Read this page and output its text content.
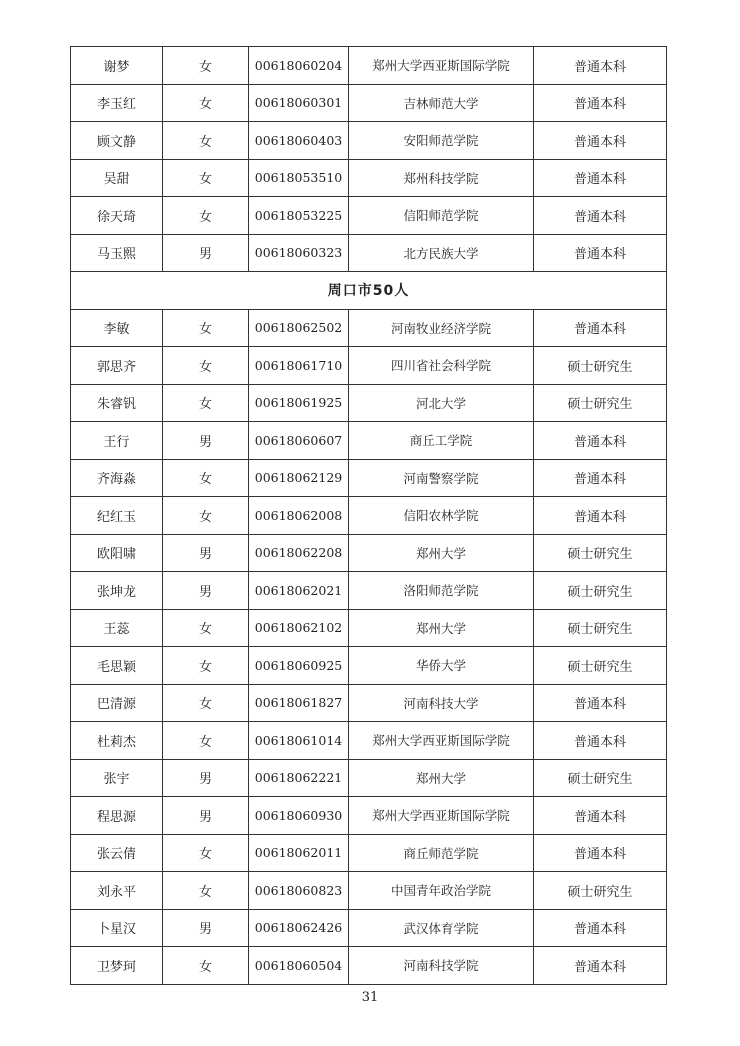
谢梦	女	00618060204	郑州大学西亚斯国际学院	普通本科
李玉红	女	00618060301	吉林师范大学	普通本科
顾文静	女	00618060403	安阳师范学院	普通本科
吴甜	女	00618053510	郑州科技学院	普通本科
徐天琦	女	00618053225	信阳师范学院	普通本科
马玉熙	男	00618060323	北方民族大学	普通本科
周口市50人				
李敏	女	00618062502	河南牧业经济学院	普通本科
郭思齐	女	00618061710	四川省社会科学院	硕士研究生
朱睿钒	女	00618061925	河北大学	硕士研究生
王行	男	00618060607	商丘工学院	普通本科
齐海淼	女	00618062129	河南警察学院	普通本科
纪红玉	女	00618062008	信阳农林学院	普通本科
欧阳啸	男	00618062208	郑州大学	硕士研究生
张坤龙	男	00618062021	洛阳师范学院	硕士研究生
王蕊	女	00618062102	郑州大学	硕士研究生
毛思颖	女	00618060925	华侨大学	硕士研究生
巴清源	女	00618061827	河南科技大学	普通本科
杜莉杰	女	00618061014	郑州大学西亚斯国际学院	普通本科
张宇	男	00618062221	郑州大学	硕士研究生
程思源	男	00618060930	郑州大学西亚斯国际学院	普通本科
张云倩	女	00618062011	商丘师范学院	普通本科
刘永平	女	00618060823	中国青年政治学院	硕士研究生
卜星汉	男	00618062426	武汉体育学院	普通本科
卫梦珂	女	00618060504	河南科技学院	普通本科
31
